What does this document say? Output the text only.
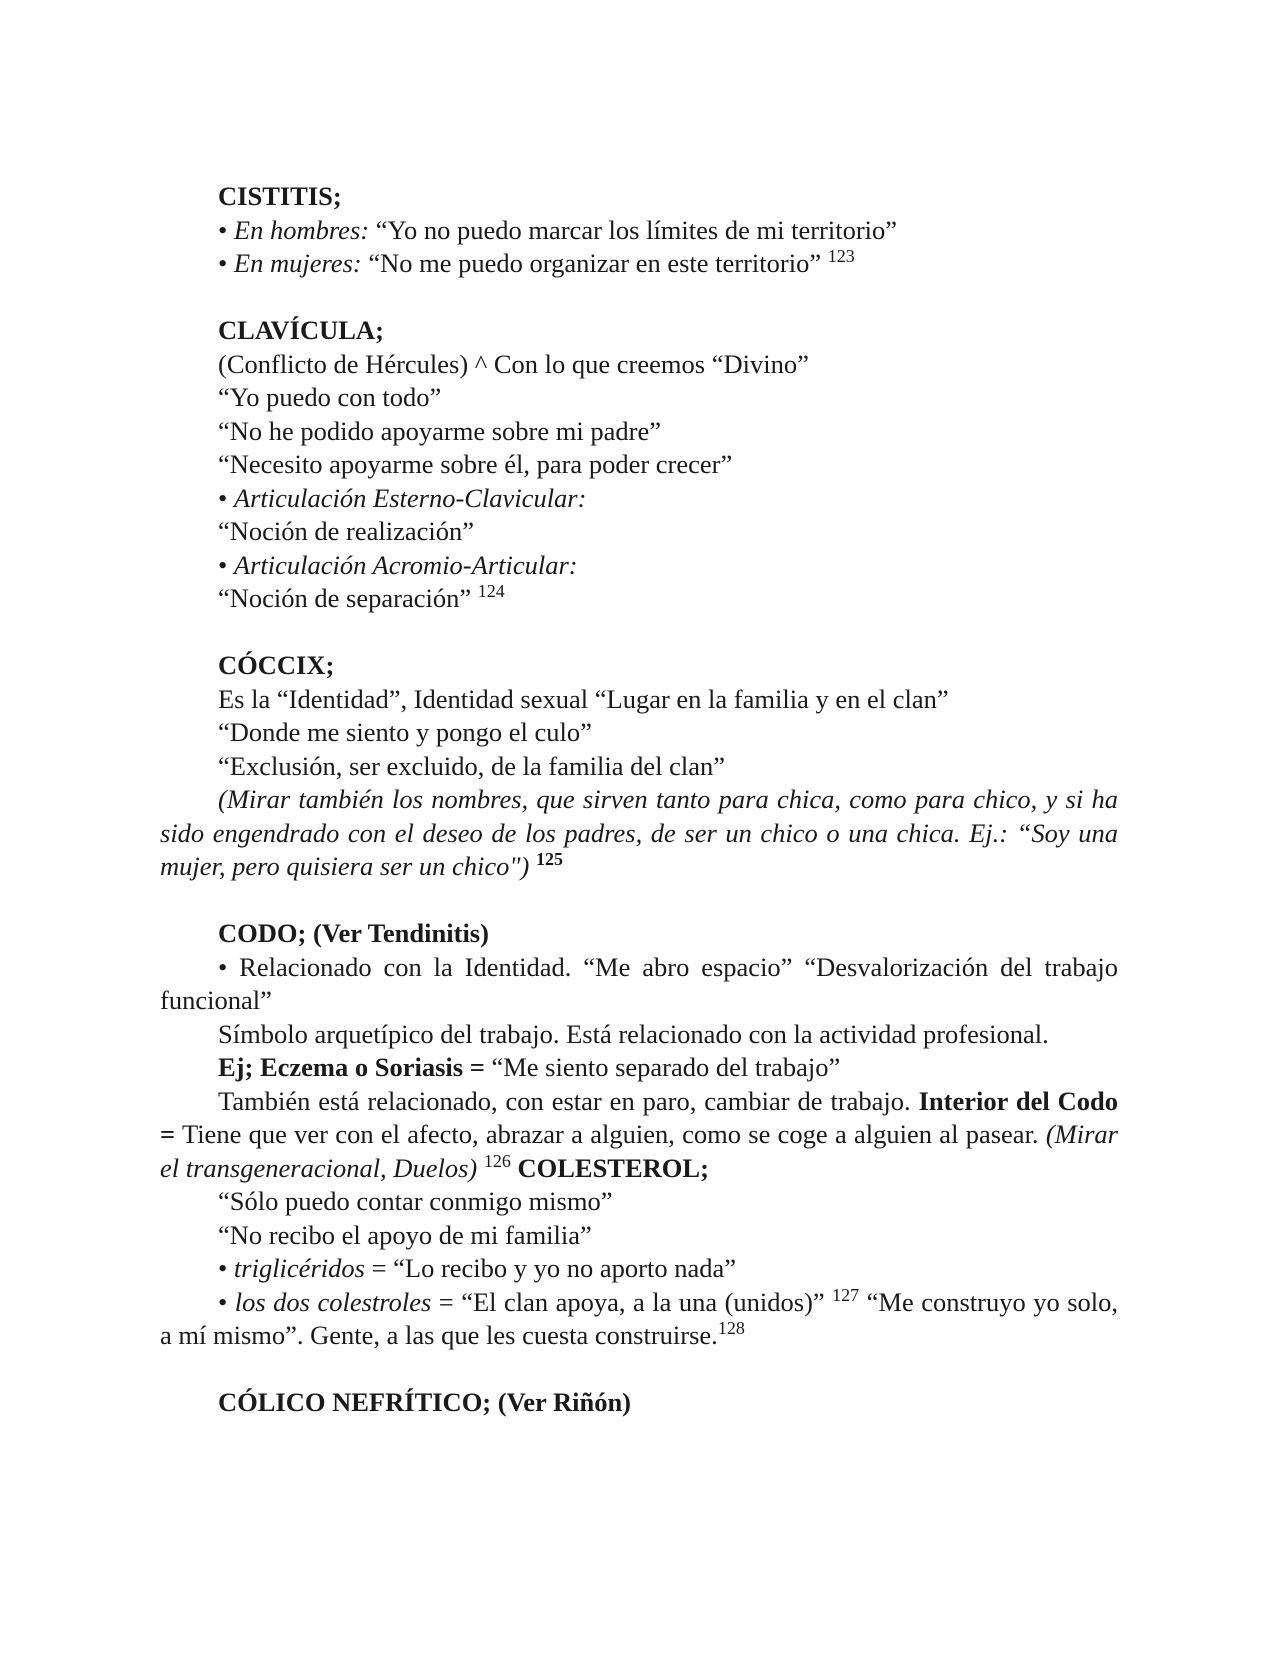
CISTITIS;
• En hombres: “Yo no puedo marcar los límites de mi territorio”
• En mujeres: “No me puedo organizar en este territorio” $^{123}$
CLAVÍCULA;
(Conflicto de Hércules) ^ Con lo que creemos “Divino”
“Yo puedo con todo”
“No he podido apoyarme sobre mi padre”
“Necesito apoyarme sobre él, para poder crecer”
• Articulación Esterno-Clavicular:
“Noción de realización”
• Articulación Acromio-Articular:
“Noción de separación” $^{124}$
CÓCCIX;
Es la “Identidad”, Identidad sexual “Lugar en la familia y en el clan”
“Donde me siento y pongo el culo”
“Exclusión, ser excluido, de la familia del clan”
(Mirar también los nombres, que sirven tanto para chica, como para chico, y si ha sido engendrado con el deseo de los padres, de ser un chico o una chica. Ej.: “Soy una mujer, pero quisiera ser un chico") $^{125}$
CODO; (Ver Tendinitis)
• Relacionado con la Identidad. “Me abro espacio” “Desvalorización del trabajo funcional”
Símbolo arquetípico del trabajo. Está relacionado con la actividad profesional.
Ej; Eczema o Soriasis = “Me siento separado del trabajo”
También está relacionado, con estar en paro, cambiar de trabajo. Interior del Codo = Tiene que ver con el afecto, abrazar a alguien, como se coge a alguien al pasear. (Mirar el transgeneracional, Duelos) $^{126}$ COLESTEROL;
“Sólo puedo contar conmigo mismo”
“No recibo el apoyo de mi familia”
• triglicéridos = “Lo recibo y yo no aporto nada”
• los dos colestroles = “El clan apoya, a la una (unidos)” $^{127}$ “Me construyo yo solo, a mí mismo”. Gente, a las que les cuesta construirse.$^{128}$
CÓLICO NEFRÍTICO; (Ver Riñón)
